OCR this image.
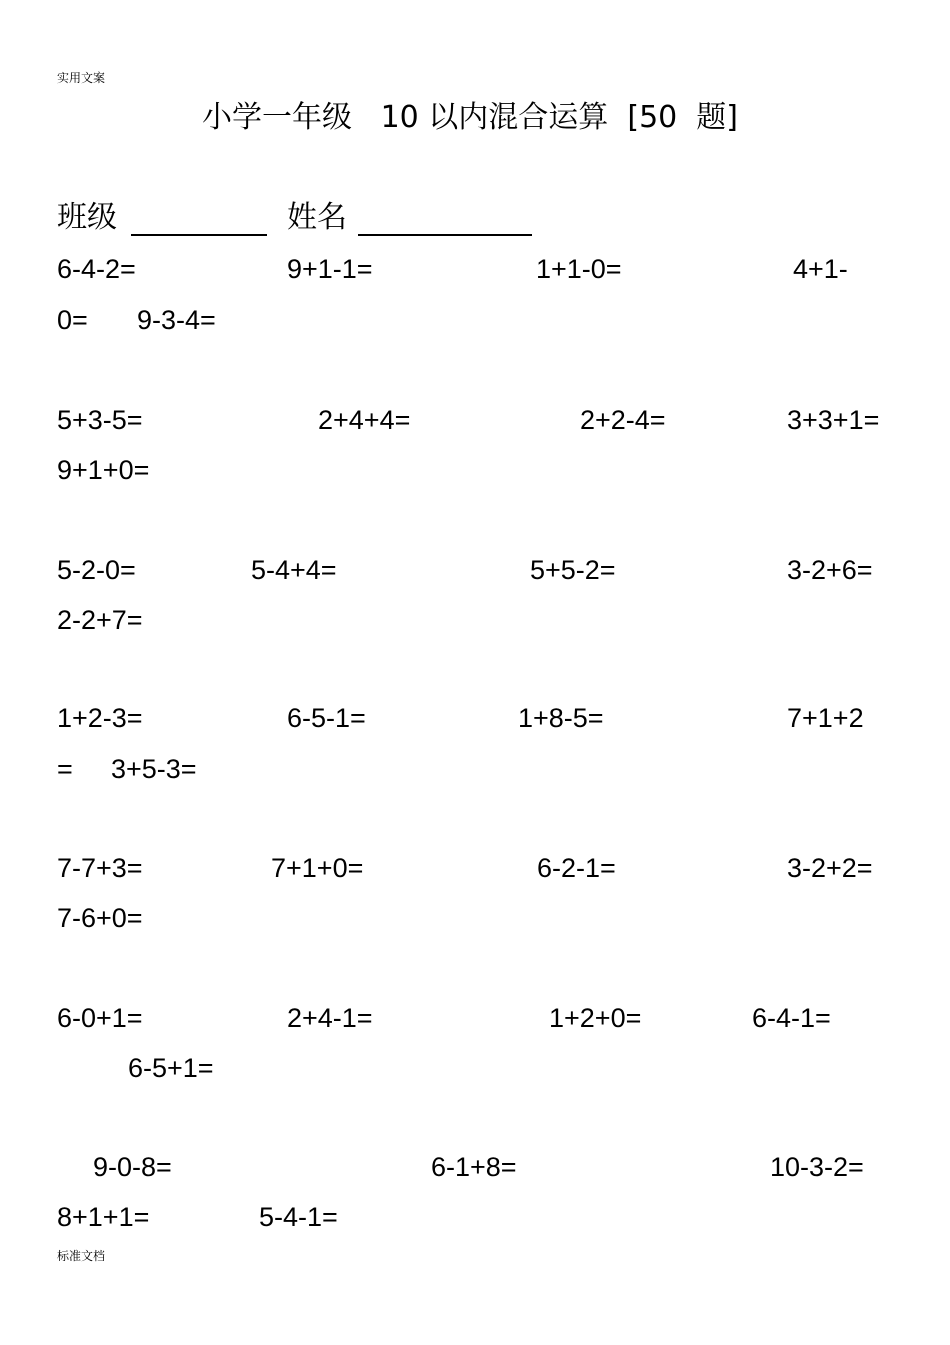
实用文案
小学一年级   10 以内混合运算  [50  题]
班级	姓名
6-4-2=	9+1-1=	1+1-0=	4+1-
0= 9-3-4=
5+3-5=	2+4+4=	2+2-4=	3+3+1=
9+1+0=
5-2-0=	5-4+4=	5+5-2=	3-2+6=
2-2+7=
1+2-3=	6-5-1=	1+8-5=	7+1+2
= 3+5-3=
7-7+3=	7+1+0=	6-2-1=	3-2+2=
7-6+0=
6-0+1=	2+4-1=	1+2+0=	6-4-1=
6-5+1=
9-0-8=	6-1+8=	10-3-2=
8+1+1=	5-4-1=
标准文档
